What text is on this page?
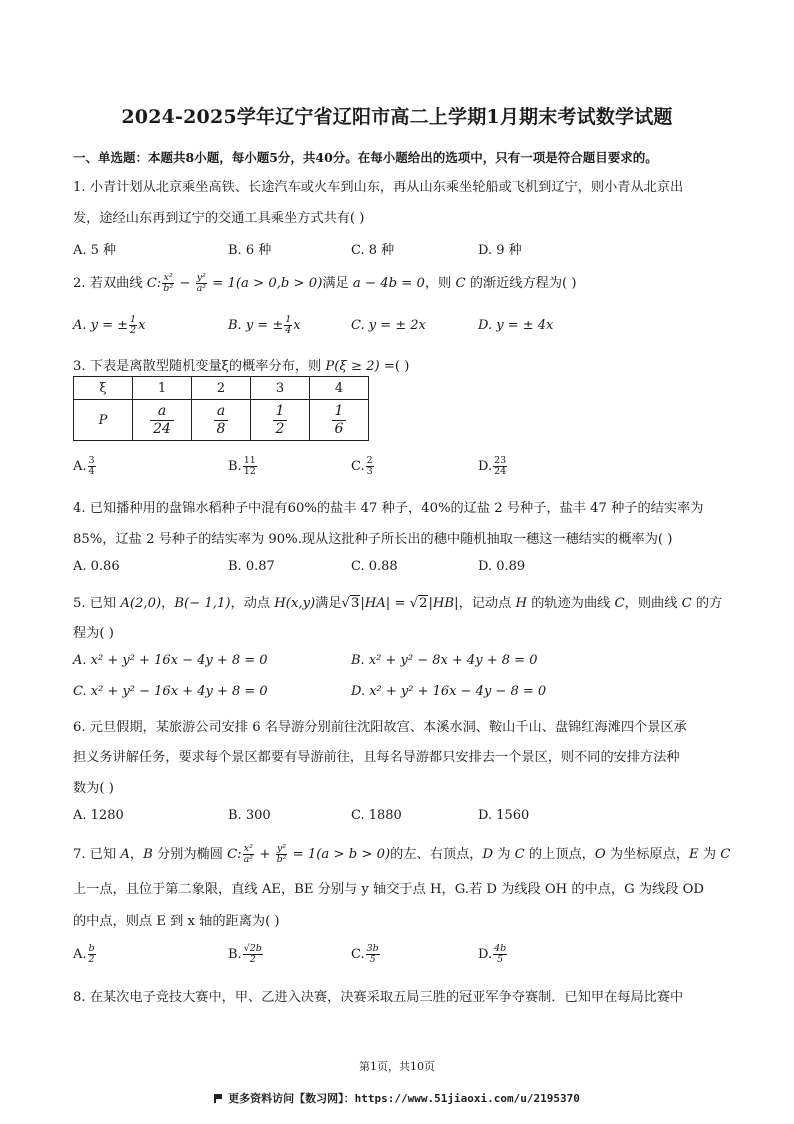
2024-2025学年辽宁省辽阳市高二上学期1月期末考试数学试题
一、单选题：本题共8小题，每小题5分，共40分。在每小题给出的选项中，只有一项是符合题目要求的。
1. 小青计划从北京乘坐高铁、长途汽车或火车到山东，再从山东乘坐轮船或飞机到辽宁，则小青从北京出
发，途经山东再到辽宁的交通工具乘坐方式共有( )
A. 5 种	B. 6 种	C. 8 种	D. 9 种
2. 若双曲线 C: $\frac{\text{x²}}{\text{b²}} - \frac{\text{y²}}{\text{a²}} = 1(a > 0,b > 0)$满足 a − 4b = 0，则 C 的渐近线方程为( )
A. y = ± $\frac{1}{2}$ x	B. y = ± $\frac{1}{4}$ x	C. y = ± 2x	D. y = ± 4x
3. 下表是离散型随机变量ξ的概率分布，则 P(ξ ≥ 2) =( )
ξ	1	2	3	4
P	$\frac{a}{24}$	$\frac{a}{8}$	$\frac{1}{2}$	$\frac{1}{6}$
A. $\frac{3}{4}$	B. $\frac{11}{12}$	C. $\frac{2}{3}$	D. $\frac{23}{24}$
4. 已知播种用的盘锦水稻种子中混有60%的盐丰 47 种子，40%的辽盐 2 号种子，盐丰 47 种子的结实率为
85%，辽盐 2 号种子的结实率为 90%.现从这批种子所长出的穗中随机抽取一穗这一穗结实的概率为( )
A. 0.86	B. 0.87	C. 0.88	D. 0.89
5. 已知 A(2,0)，B(− 1,1)，动点 H(x,y)满足√3|HA| = √2|HB|，记动点 H 的轨迹为曲线 C，则曲线 C 的方
程为( )
A. x² + y² + 16x − 4y + 8 = 0	B. x² + y² − 8x + 4y + 8 = 0
C. x² + y² − 16x + 4y + 8 = 0	D. x² + y² + 16x − 4y − 8 = 0
6. 元旦假期，某旅游公司安排 6 名导游分别前往沈阳故宫、本溪水洞、鞍山千山、盘锦红海滩四个景区承
担义务讲解任务，要求每个景区都要有导游前往，且每名导游都只安排去一个景区，则不同的安排方法种
数为( )
A. 1280	B. 300	C. 1880	D. 1560
7. 已知 A，B 分别为椭圆 C: $\frac{\text{x²}}{\text{a²}} + \frac{\text{y²}}{\text{b²}} = 1(a > b > 0)$的左、右顶点，D 为 C 的上顶点，O 为坐标原点，E 为 C
上一点，且位于第二象限，直线 AE，BE 分别与 y 轴交于点 H，G.若 D 为线段 OH 的中点，G 为线段 OD
的中点，则点 E 到 x 轴的距离为( )
A. $\frac{b}{2}$	B. $\frac{√2b}{2}$	C. $\frac{3b}{5}$	D. $\frac{4b}{5}$
8. 在某次电子竞技大赛中，甲、乙进入决赛，决赛采取五局三胜的冠亚军争夺赛制．已知甲在每局比赛中
第1页，共10页
更多资料访问【数习网】：https://www.51jiaoxi.com/u/2195370
